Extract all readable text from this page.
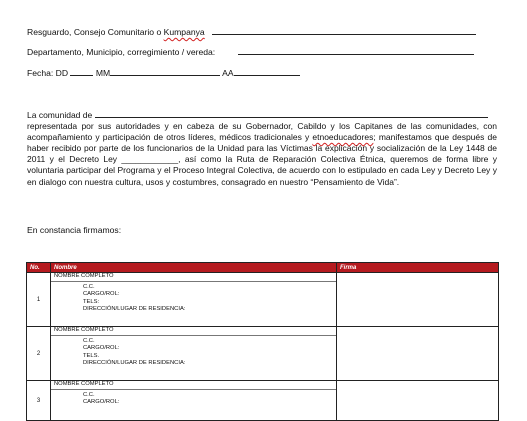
Resguardo, Consejo Comunitario o Kumpanya
Departamento, Municipio, corregimiento / vereda:
Fecha: DD	MM	AA
La comunidad de
representada por sus autoridades y en cabeza de su Gobernador, Cabildo y los Capitanes de las comunidades, con acompañamiento y participación de otros líderes, médicos tradicionales y etnoeducadores; manifestamos que después de haber recibido por parte de los funcionarios de la Unidad para las Víctimas la explicación y socialización de la Ley 1448 de 2011 y el Decreto Ley ____________, así como la Ruta de Reparación Colectiva Étnica, queremos de forma libre y voluntaria participar del Programa y el Proceso Integral Colectiva, de acuerdo con lo estipulado en cada Ley y Decreto Ley y en dialogo con nuestra cultura, usos y costumbres, consagrado en nuestro “Pensamiento de Vida”.
En constancia firmamos:
No.	Nombre	Firma
1	NOMBRE COMPLETO
C.C.
CARGO/ROL:
TELS:
DIRECCIÓN/LUGAR DE RESIDENCIA:	

2	NOMBRE COMPLETO
C.C.
CARGO/ROL:
TELS.
DIRECCIÓN/LUGAR DE RESIDENCIA:	

3	NOMBRE COMPLETO
C.C.
CARGO/ROL:	
